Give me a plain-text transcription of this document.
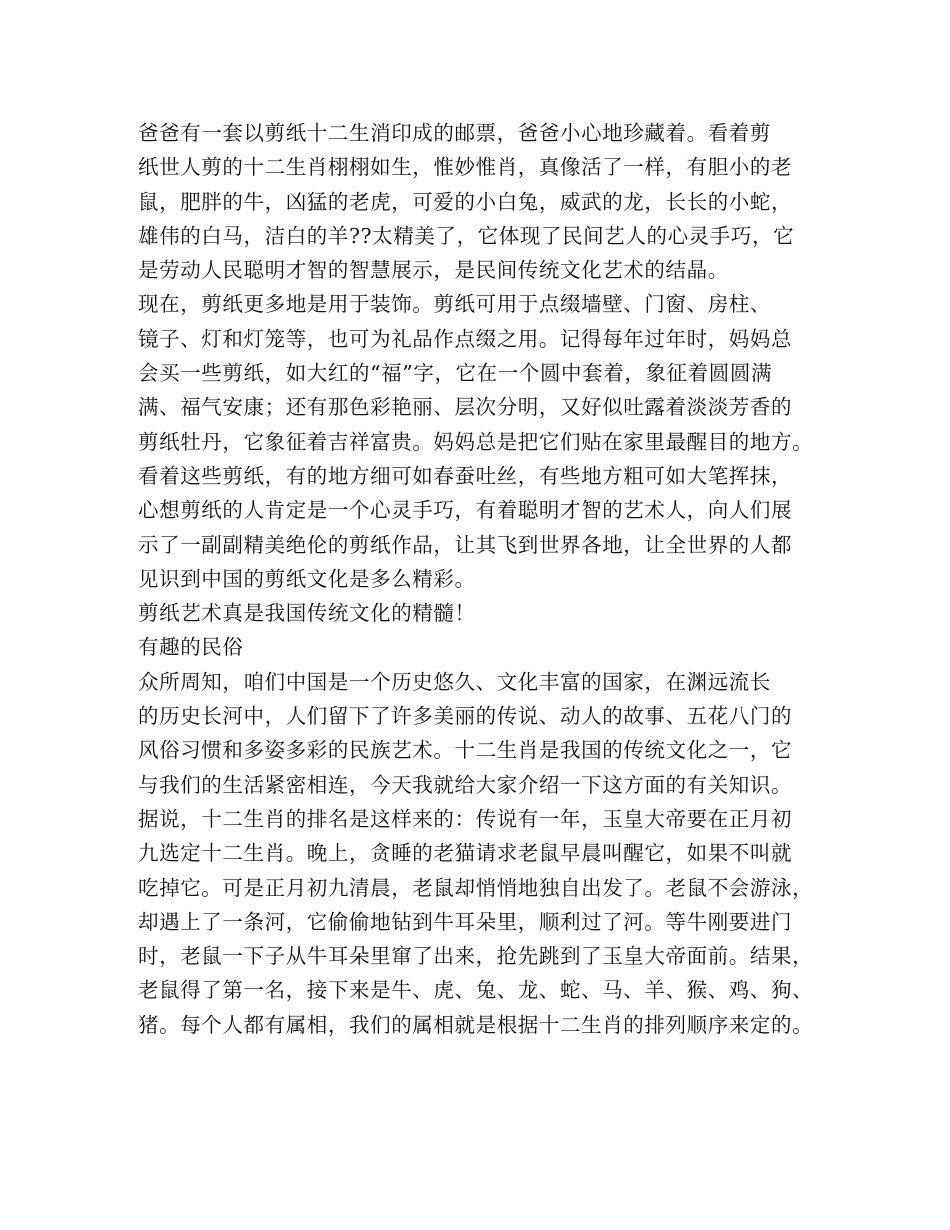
爸爸有一套以剪纸十二生消印成的邮票，爸爸小心地珍藏着。看着剪
纸世人剪的十二生肖栩栩如生，惟妙惟肖，真像活了一样，有胆小的老
鼠，肥胖的牛，凶猛的老虎，可爱的小白兔，威武的龙，长长的小蛇，
雄伟的白马，洁白的羊??太精美了，它体现了民间艺人的心灵手巧，它
是劳动人民聪明才智的智慧展示，是民间传统文化艺术的结晶。
现在，剪纸更多地是用于装饰。剪纸可用于点缀墙壁、门窗、房柱、
镜子、灯和灯笼等，也可为礼品作点缀之用。记得每年过年时，妈妈总
会买一些剪纸，如大红的“福”字，它在一个圆中套着，象征着圆圆满
满、福气安康；还有那色彩艳丽、层次分明，又好似吐露着淡淡芳香的
剪纸牡丹，它象征着吉祥富贵。妈妈总是把它们贴在家里最醒目的地方。
看着这些剪纸，有的地方细可如春蚕吐丝，有些地方粗可如大笔挥抹，
心想剪纸的人肯定是一个心灵手巧，有着聪明才智的艺术人，向人们展
示了一副副精美绝伦的剪纸作品，让其飞到世界各地，让全世界的人都
见识到中国的剪纸文化是多么精彩。
剪纸艺术真是我国传统文化的精髓！
有趣的民俗
众所周知，咱们中国是一个历史悠久、文化丰富的国家，在渊远流长
的历史长河中，人们留下了许多美丽的传说、动人的故事、五花八门的
风俗习惯和多姿多彩的民族艺术。十二生肖是我国的传统文化之一，它
与我们的生活紧密相连，今天我就给大家介绍一下这方面的有关知识。
据说，十二生肖的排名是这样来的：传说有一年，玉皇大帝要在正月初
九选定十二生肖。晚上，贪睡的老猫请求老鼠早晨叫醒它，如果不叫就
吃掉它。可是正月初九清晨，老鼠却悄悄地独自出发了。老鼠不会游泳，
却遇上了一条河，它偷偷地钻到牛耳朵里，顺利过了河。等牛刚要进门
时，老鼠一下子从牛耳朵里窜了出来，抢先跳到了玉皇大帝面前。结果，
老鼠得了第一名，接下来是牛、虎、兔、龙、蛇、马、羊、猴、鸡、狗、
猪。每个人都有属相，我们的属相就是根据十二生肖的排列顺序来定的。
